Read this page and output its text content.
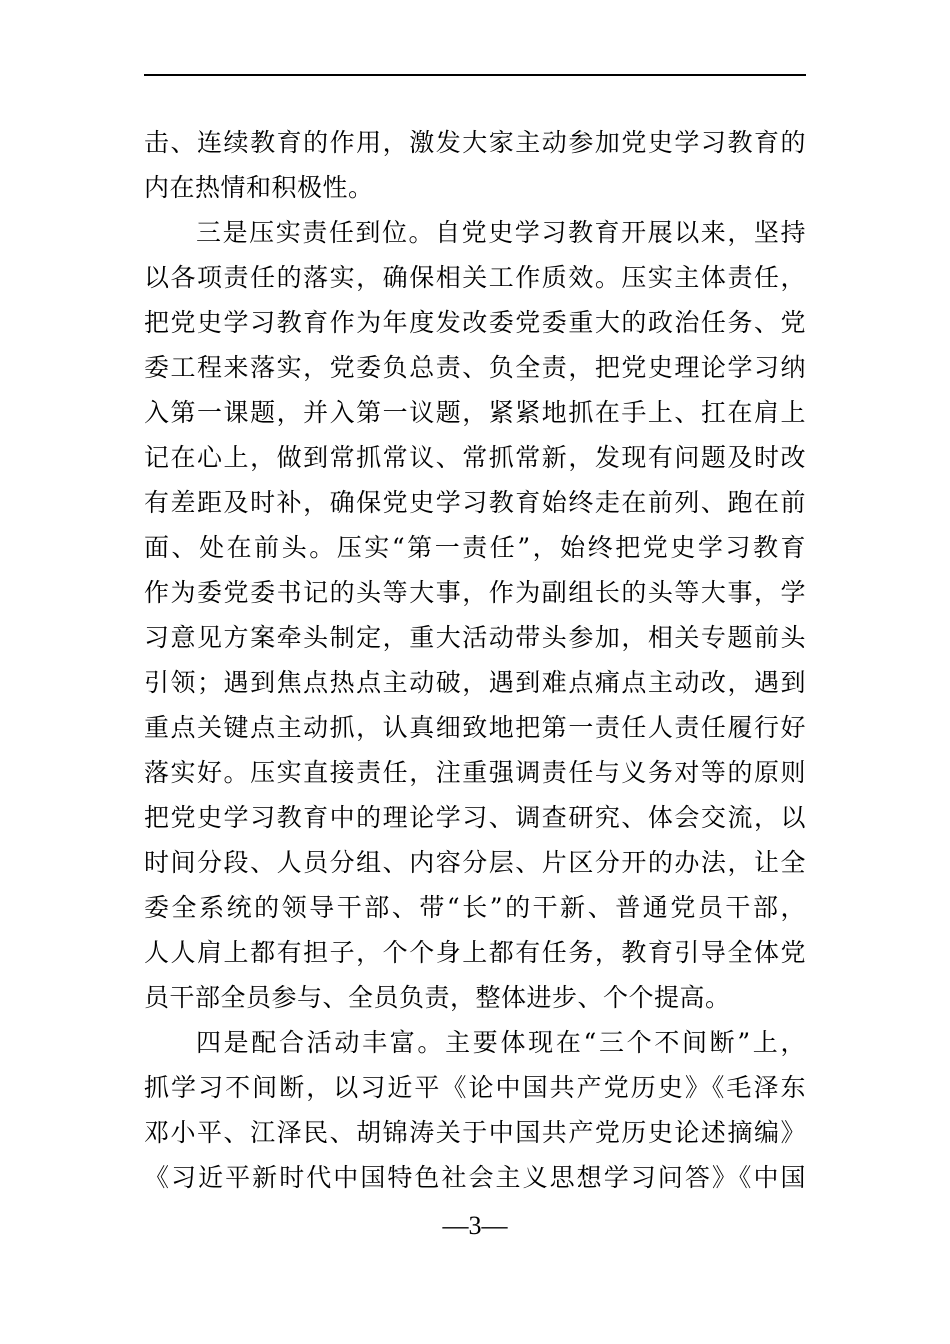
击、连续教育的作用，激发大家主动参加党史学习教育的
内在热情和积极性。
三是压实责任到位。自党史学习教育开展以来，坚持
以各项责任的落实，确保相关工作质效。压实主体责任，
把党史学习教育作为年度发改委党委重大的政治任务、党
委工程来落实，党委负总责、负全责，把党史理论学习纳
入第一课题，并入第一议题，紧紧地抓在手上、扛在肩上
记在心上，做到常抓常议、常抓常新，发现有问题及时改
有差距及时补，确保党史学习教育始终走在前列、跑在前
面、处在前头。压实“第一责任”，始终把党史学习教育
作为委党委书记的头等大事，作为副组长的头等大事，学
习意见方案牵头制定，重大活动带头参加，相关专题前头
引领；遇到焦点热点主动破，遇到难点痛点主动改，遇到
重点关键点主动抓，认真细致地把第一责任人责任履行好
落实好。压实直接责任，注重强调责任与义务对等的原则
把党史学习教育中的理论学习、调查研究、体会交流，以
时间分段、人员分组、内容分层、片区分开的办法，让全
委全系统的领导干部、带“长”的干新、普通党员干部，
人人肩上都有担子，个个身上都有任务，教育引导全体党
员干部全员参与、全员负责，整体进步、个个提高。
四是配合活动丰富。主要体现在“三个不间断”上，
抓学习不间断，以习近平《论中国共产党历史》《毛泽东
邓小平、江泽民、胡锦涛关于中国共产党历史论述摘编》
《习近平新时代中国特色社会主义思想学习问答》《中国
—3—
